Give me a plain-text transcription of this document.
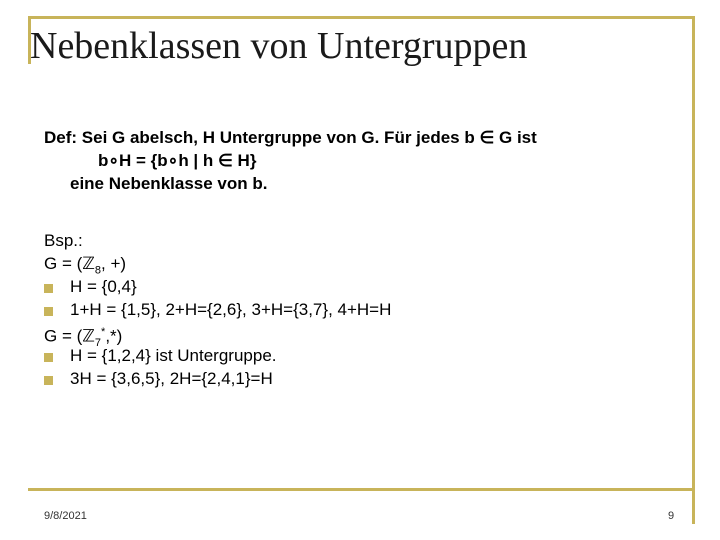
Nebenklassen von Untergruppen
Def: Sei G abelsch, H Untergruppe von G. Für jedes b ∈ G ist
b∘H = {b∘h | h ∈ H}
eine Nebenklasse von b.
Bsp.:
G = (ℤ$_8$, +)
H = {0,4}
1+H = {1,5}, 2+H={2,6}, 3+H={3,7}, 4+H=H
G = (ℤ$_7$*,*)
H = {1,2,4} ist Untergruppe.
3H = {3,6,5}, 2H={2,4,1}=H
9/8/2021	9
